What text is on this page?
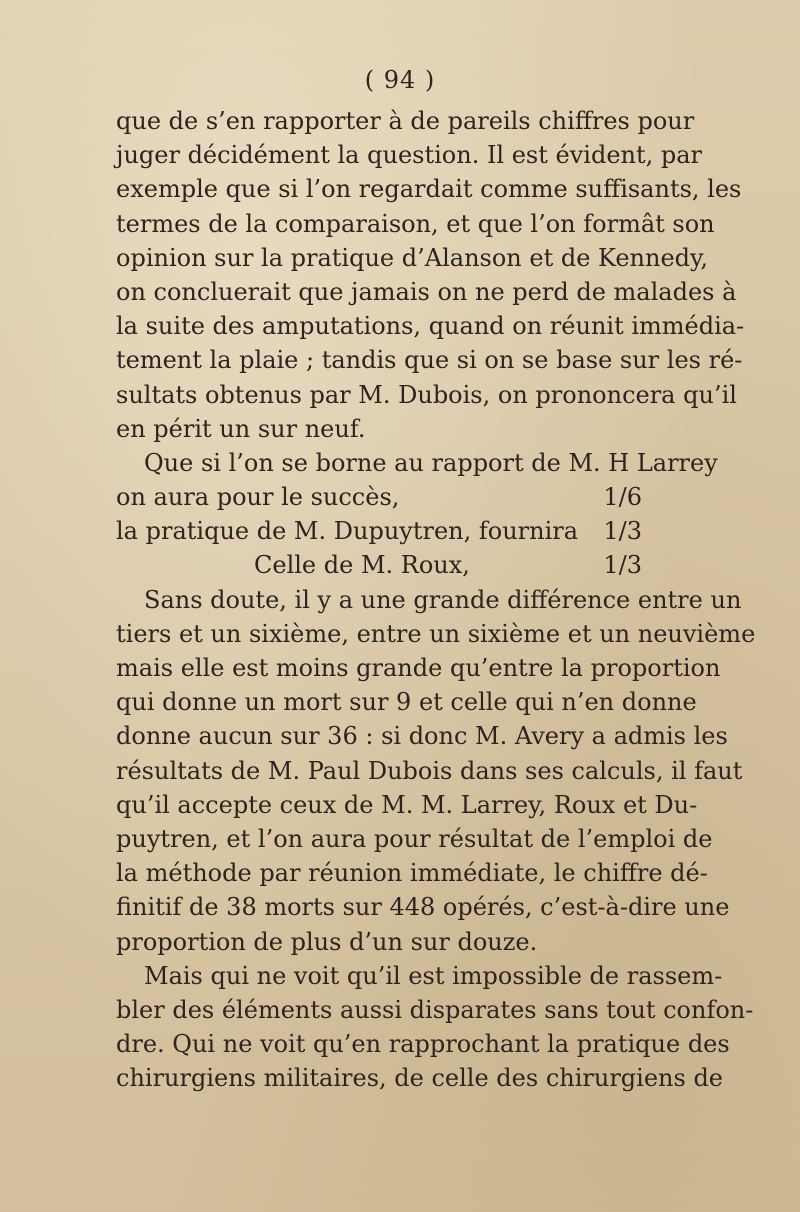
( 94 )
que de s’en rapporter à de pareils chiffres pour
juger décidément la question. Il est évident, par
exemple que si l’on regardait comme suffisants, les
termes de la comparaison, et que l’on formât son
opinion sur la pratique d’Alanson et de Kennedy,
on concluerait que jamais on ne perd de malades à
la suite des amputations, quand on réunit immédia-
tement la plaie ; tandis que si on se base sur les ré-
sultats obtenus par M. Dubois, on prononcera qu’il
en périt un sur neuf.
Que si l’on se borne au rapport de M. H Larrey
on aura pour le succès,	1/6
la pratique de M. Dupuytren, fournira 1/3
Celle de M. Roux,	1/3
Sans doute, il y a une grande différence entre un
tiers et un sixième, entre un sixième et un neuvième
mais elle est moins grande qu’entre la proportion
qui donne un mort sur 9 et celle qui n’en donne
donne aucun sur 36 : si donc M. Avery a admis les
résultats de M. Paul Dubois dans ses calculs, il faut
qu’il accepte ceux de M. M. Larrey, Roux et Du-
puytren, et l’on aura pour résultat de l’emploi de
la méthode par réunion immédiate, le chiffre dé-
finitif de 38 morts sur 448 opérés, c’est-à-dire une
proportion de plus d’un sur douze.
Mais qui ne voit qu’il est impossible de rassem-
bler des éléments aussi disparates sans tout confon-
dre. Qui ne voit qu’en rapprochant la pratique des
chirurgiens militaires, de celle des chirurgiens de
